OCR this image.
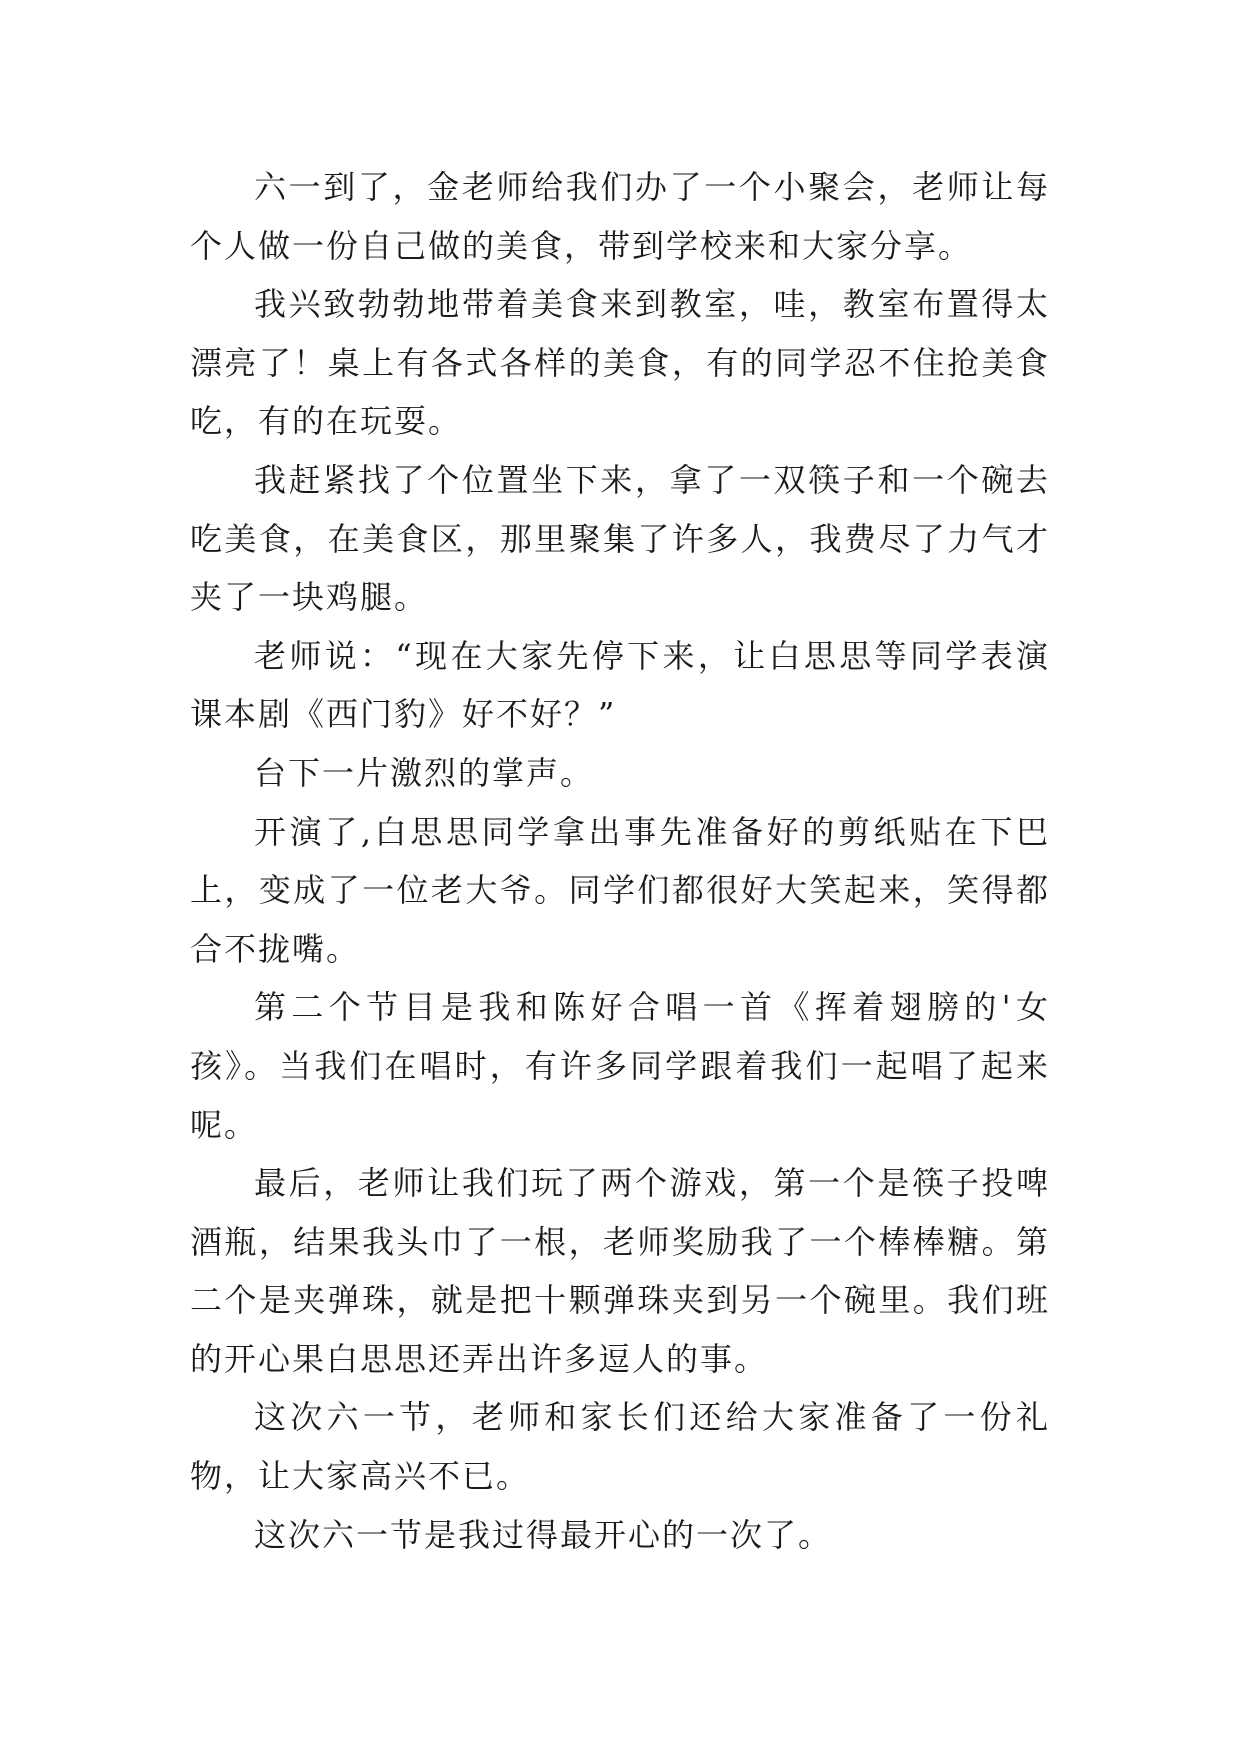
六一到了，金老师给我们办了一个小聚会，老师让每个人做一份自己做的美食，带到学校来和大家分享。

我兴致勃勃地带着美食来到教室，哇，教室布置得太漂亮了！桌上有各式各样的美食，有的同学忍不住抢美食吃，有的在玩耍。

我赶紧找了个位置坐下来，拿了一双筷子和一个碗去吃美食，在美食区，那里聚集了许多人，我费尽了力气才夹了一块鸡腿。

老师说：“现在大家先停下来，让白思思等同学表演课本剧《西门豹》好不好？”

台下一片激烈的掌声。

开演了,白思思同学拿出事先准备好的剪纸贴在下巴上，变成了一位老大爷。同学们都很好大笑起来，笑得都合不拢嘴。

第二个节目是我和陈好合唱一首《挥着翅膀的'女孩》。当我们在唱时，有许多同学跟着我们一起唱了起来呢。

最后，老师让我们玩了两个游戏，第一个是筷子投啤酒瓶，结果我头巾了一根，老师奖励我了一个棒棒糖。第二个是夹弹珠，就是把十颗弹珠夹到另一个碗里。我们班的开心果白思思还弄出许多逗人的事。

这次六一节，老师和家长们还给大家准备了一份礼物，让大家高兴不已。

这次六一节是我过得最开心的一次了。
